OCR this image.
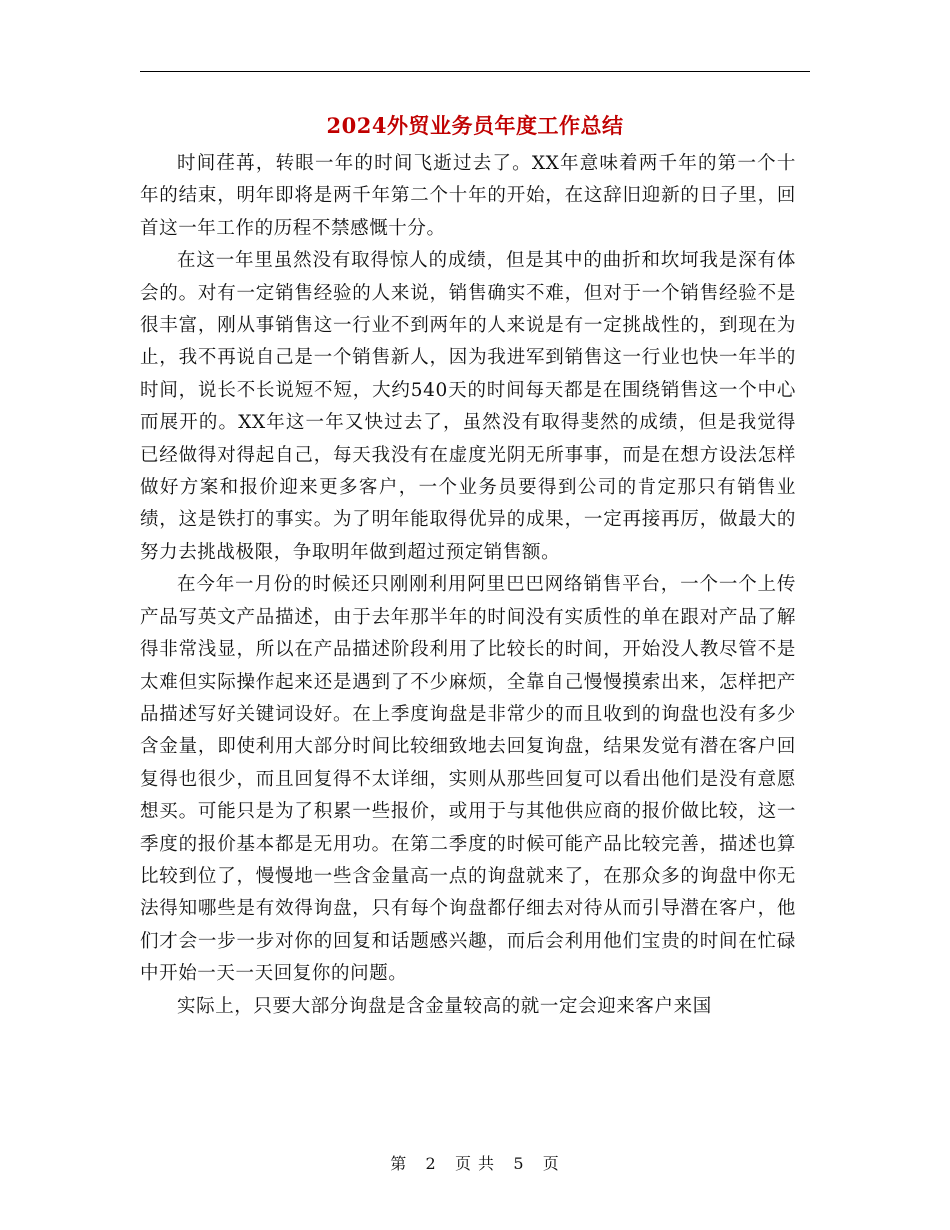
2024外贸业务员年度工作总结

时间荏苒，转眼一年的时间飞逝过去了。XX年意味着两千年的第一个十年的结束，明年即将是两千年第二个十年的开始，在这辞旧迎新的日子里，回首这一年工作的历程不禁感慨十分。

在这一年里虽然没有取得惊人的成绩，但是其中的曲折和坎坷我是深有体会的。对有一定销售经验的人来说，销售确实不难，但对于一个销售经验不是很丰富，刚从事销售这一行业不到两年的人来说是有一定挑战性的，到现在为止，我不再说自己是一个销售新人，因为我进军到销售这一行业也快一年半的时间，说长不长说短不短，大约540天的时间每天都是在围绕销售这一个中心而展开的。XX年这一年又快过去了，虽然没有取得斐然的成绩，但是我觉得已经做得对得起自己，每天我没有在虚度光阴无所事事，而是在想方设法怎样做好方案和报价迎来更多客户，一个业务员要得到公司的肯定那只有销售业绩，这是铁打的事实。为了明年能取得优异的成果，一定再接再厉，做最大的努力去挑战极限，争取明年做到超过预定销售额。

在今年一月份的时候还只刚刚利用阿里巴巴网络销售平台，一个一个上传产品写英文产品描述，由于去年那半年的时间没有实质性的单在跟对产品了解得非常浅显，所以在产品描述阶段利用了比较长的时间，开始没人教尽管不是太难但实际操作起来还是遇到了不少麻烦，全靠自己慢慢摸索出来，怎样把产品描述写好关键词设好。在上季度询盘是非常少的而且收到的询盘也没有多少含金量，即使利用大部分时间比较细致地去回复询盘，结果发觉有潜在客户回复得也很少，而且回复得不太详细，实则从那些回复可以看出他们是没有意愿想买。可能只是为了积累一些报价，或用于与其他供应商的报价做比较，这一季度的报价基本都是无用功。在第二季度的时候可能产品比较完善，描述也算比较到位了，慢慢地一些含金量高一点的询盘就来了，在那众多的询盘中你无法得知哪些是有效得询盘，只有每个询盘都仔细去对待从而引导潜在客户，他们才会一步一步对你的回复和话题感兴趣，而后会利用他们宝贵的时间在忙碌中开始一天一天回复你的问题。

实际上，只要大部分询盘是含金量较高的就一定会迎来客户来国

第 2 页 共 5 页
